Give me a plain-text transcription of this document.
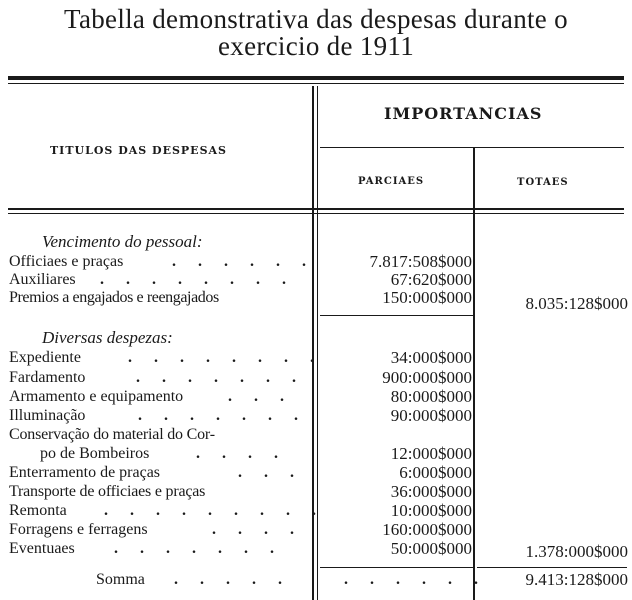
Tabella demonstrativa das despesas durante o
exercicio de 1911
TITULOS DAS DESPESAS
IMPORTANCIAS
PARCIAES	TOTAES
Vencimento do pessoal:
Officiaes e praças	. . . . . .	7.817:508$000
Auxiliares . . . . . . . .	67:620$000
Premios a engajados e reengajados	150:000$000	8.035:128$000
Diversas despezas:
Expediente	. . . . . . . .	34:000$000
Fardamento	. . . . . . .	900:000$000
Armamento e equipamento	. . .	80:000$000
Illuminação	. . . . . . .	90:000$000
Conservação do material do Cor-
po de Bombeiros	. . . .	12:000$000
Enterramento de praças	. . .	6:000$000
Transporte de officiaes e praças	36:000$000
Remonta . . . . . . . . .	10:000$000
Forragens e ferragens	. . . .	160:000$000
Eventuaes . . . . . . .	50:000$000	1.378:000$000
Somma . . . . .	. . . . . . 9.413:128$000
